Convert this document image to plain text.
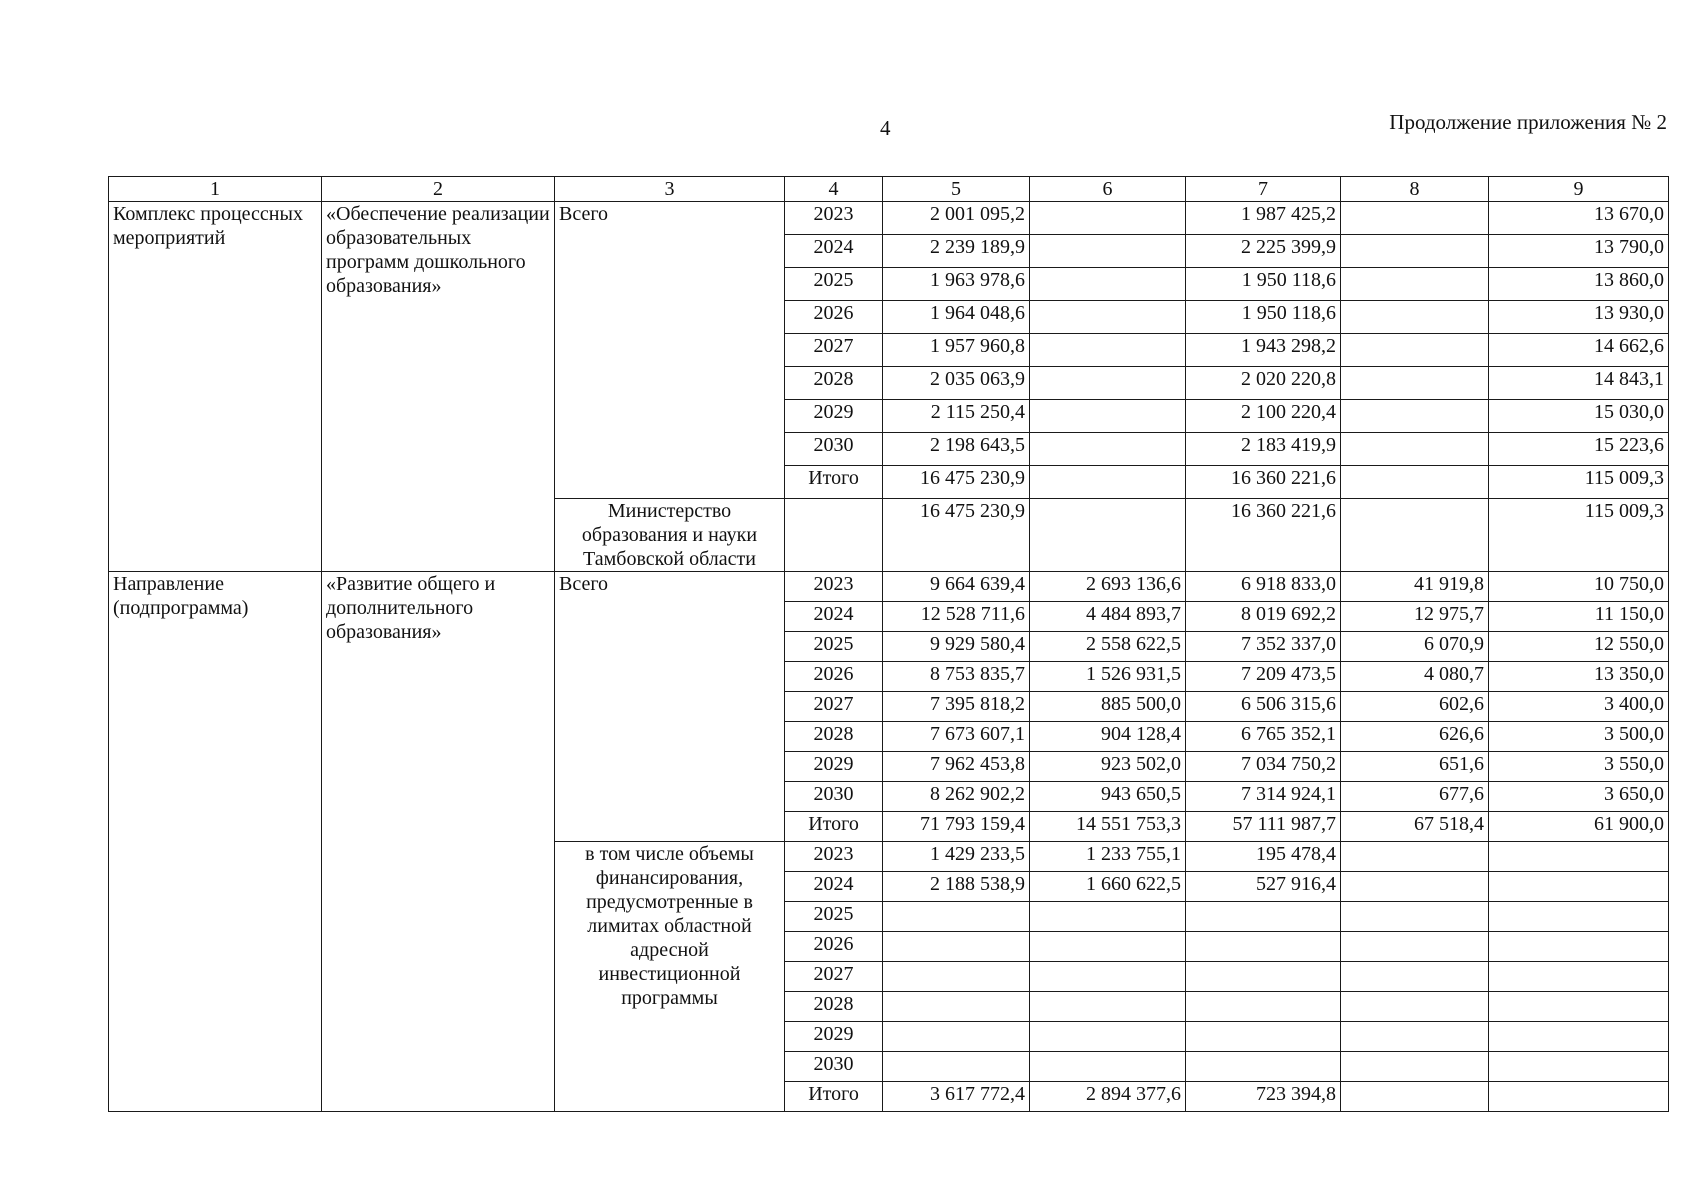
4	Продолжение приложения № 2
1	2	3	4	5	6	7	8	9
Комплекс процессных мероприятий	«Обеспечение реализации образовательных программ дошкольного образования»	Всего	2023	2 001 095,2		1 987 425,2		13 670,0
			2024	2 239 189,9		2 225 399,9		13 790,0
			2025	1 963 978,6		1 950 118,6		13 860,0
			2026	1 964 048,6		1 950 118,6		13 930,0
			2027	1 957 960,8		1 943 298,2		14 662,6
			2028	2 035 063,9		2 020 220,8		14 843,1
			2029	2 115 250,4		2 100 220,4		15 030,0
			2030	2 198 643,5		2 183 419,9		15 223,6
			Итого	16 475 230,9		16 360 221,6		115 009,3
		Министерство образования и науки Тамбовской области		16 475 230,9		16 360 221,6		115 009,3
Направление (подпрограмма)	«Развитие общего и дополнительного образования»	Всего	2023	9 664 639,4	2 693 136,6	6 918 833,0	41 919,8	10 750,0
			2024	12 528 711,6	4 484 893,7	8 019 692,2	12 975,7	11 150,0
			2025	9 929 580,4	2 558 622,5	7 352 337,0	6 070,9	12 550,0
			2026	8 753 835,7	1 526 931,5	7 209 473,5	4 080,7	13 350,0
			2027	7 395 818,2	885 500,0	6 506 315,6	602,6	3 400,0
			2028	7 673 607,1	904 128,4	6 765 352,1	626,6	3 500,0
			2029	7 962 453,8	923 502,0	7 034 750,2	651,6	3 550,0
			2030	8 262 902,2	943 650,5	7 314 924,1	677,6	3 650,0
			Итого	71 793 159,4	14 551 753,3	57 111 987,7	67 518,4	61 900,0
		в том числе объемы финансирования, предусмотренные в лимитах областной адресной инвестиционной программы	2023	1 429 233,5	1 233 755,1	195 478,4		
			2024	2 188 538,9	1 660 622,5	527 916,4		
			2025					
			2026					
			2027					
			2028					
			2029					
			2030					
			Итого	3 617 772,4	2 894 377,6	723 394,8		
